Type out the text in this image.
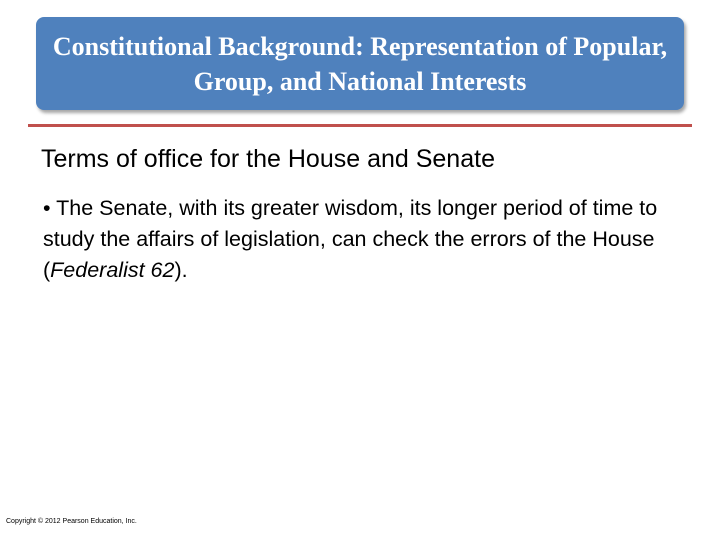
Constitutional Background: Representation of Popular, Group, and National Interests
Terms of office for the House and Senate

• The Senate, with its greater wisdom, its longer period of time to study the affairs of legislation, can check the errors of the House (Federalist 62).

Copyright © 2012 Pearson Education, Inc.
